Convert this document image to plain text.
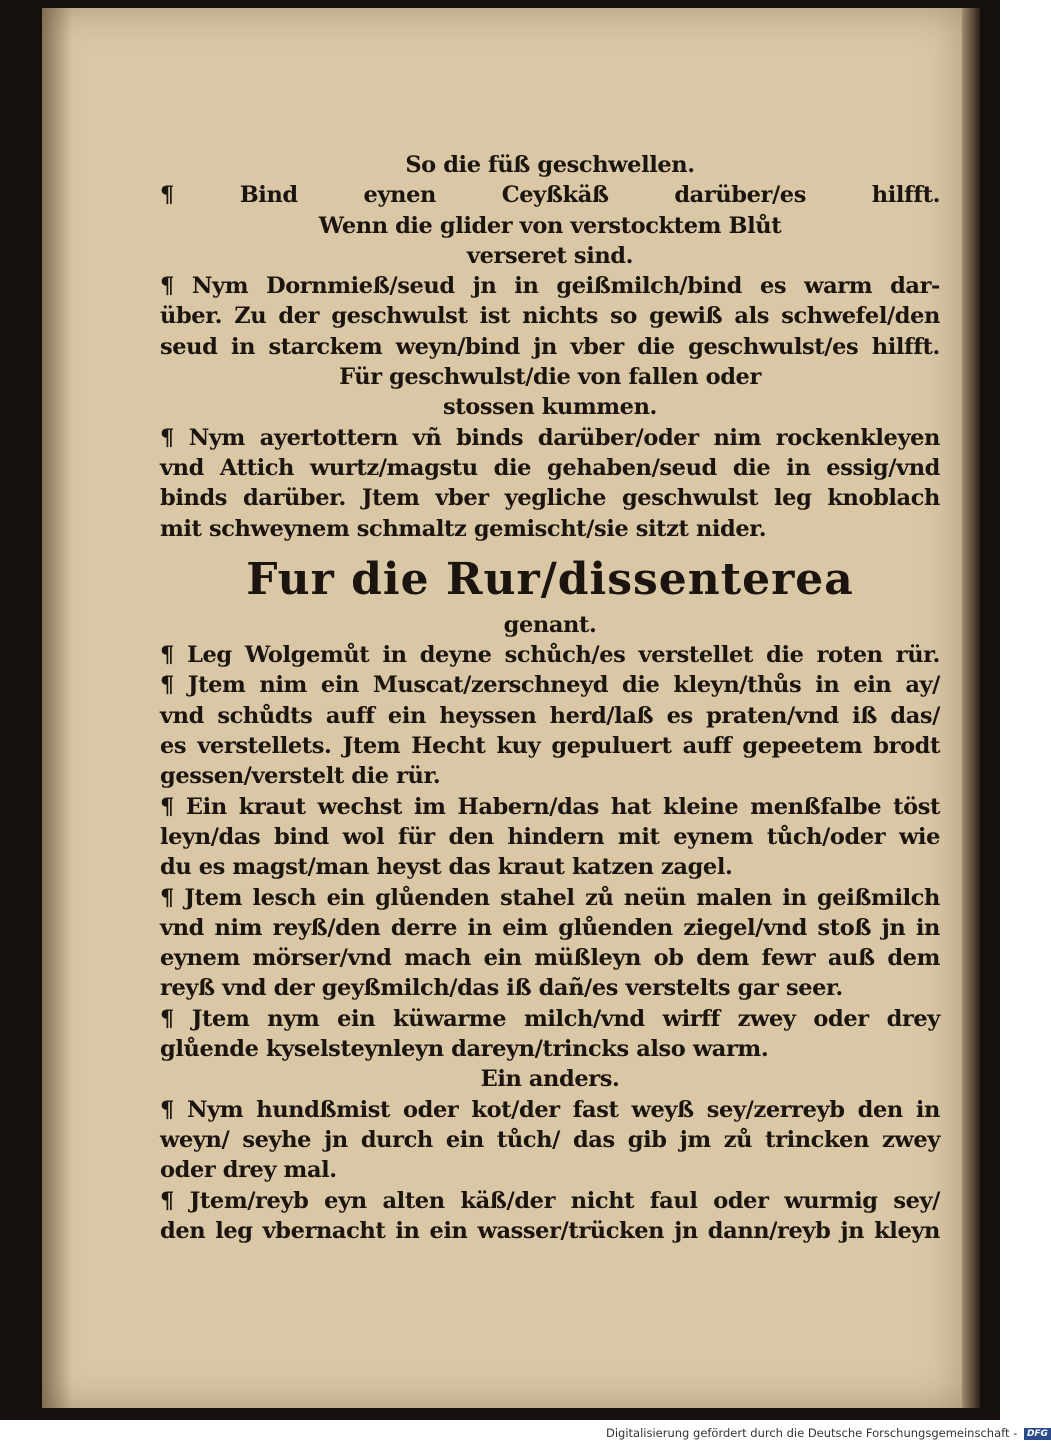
So die füß geschwellen.
¶ Bind eynen Ceyßkäß darüber/es hilfft.
Wenn die glider von verstocktem Blůt
verseret sind.
¶ Nym Dornmieß/seud jn in geißmilch/bind es warm dar-
über. Zu der geschwulst ist nichts so gewiß als schwefel/den
seud in starckem weyn/bind jn vber die geschwulst/es hilfft.
Für geschwulst/die von fallen oder
stossen kummen.
¶ Nym ayertottern vñ binds darüber/oder nim rockenkleyen
vnd Attich wurtz/magstu die gehaben/seud die in essig/vnd
binds darüber. Jtem vber yegliche geschwulst leg knoblach
mit schweynem schmaltz gemischt/sie sitzt nider.
Fur die Rur/dissenterea
genant.
¶ Leg Wolgemůt in deyne schůch/es verstellet die roten rür.
¶ Jtem nim ein Muscat/zerschneyd die kleyn/thůs in ein ay/
vnd schůdts auff ein heyssen herd/laß es praten/vnd iß das/
es verstellets. Jtem Hecht kuy gepuluert auff gepeetem brodt
gessen/verstelt die rür.
¶ Ein kraut wechst im Habern/das hat kleine menßfalbe töst
leyn/das bind wol für den hindern mit eynem tůch/oder wie
du es magst/man heyst das kraut katzen zagel.
¶ Jtem lesch ein glůenden stahel zů neün malen in geißmilch
vnd nim reyß/den derre in eim glůenden ziegel/vnd stoß jn in
eynem mörser/vnd mach ein müßleyn ob dem fewr auß dem
reyß vnd der geyßmilch/das iß dañ/es verstelts gar seer.
¶ Jtem nym ein küwarme milch/vnd wirff zwey oder drey
glůende kyselsteynleyn dareyn/trincks also warm.
Ein anders.
¶ Nym hundßmist oder kot/der fast weyß sey/zerreyb den in
weyn/ seyhe jn durch ein tůch/ das gib jm zů trincken zwey
oder drey mal.
¶ Jtem/reyb eyn alten käß/der nicht faul oder wurmig sey/
den leg vbernacht in ein wasser/trücken jn dann/reyb jn kleyn
Digitalisierung gefördert durch die Deutsche Forschungsgemeinschaft - DFG
